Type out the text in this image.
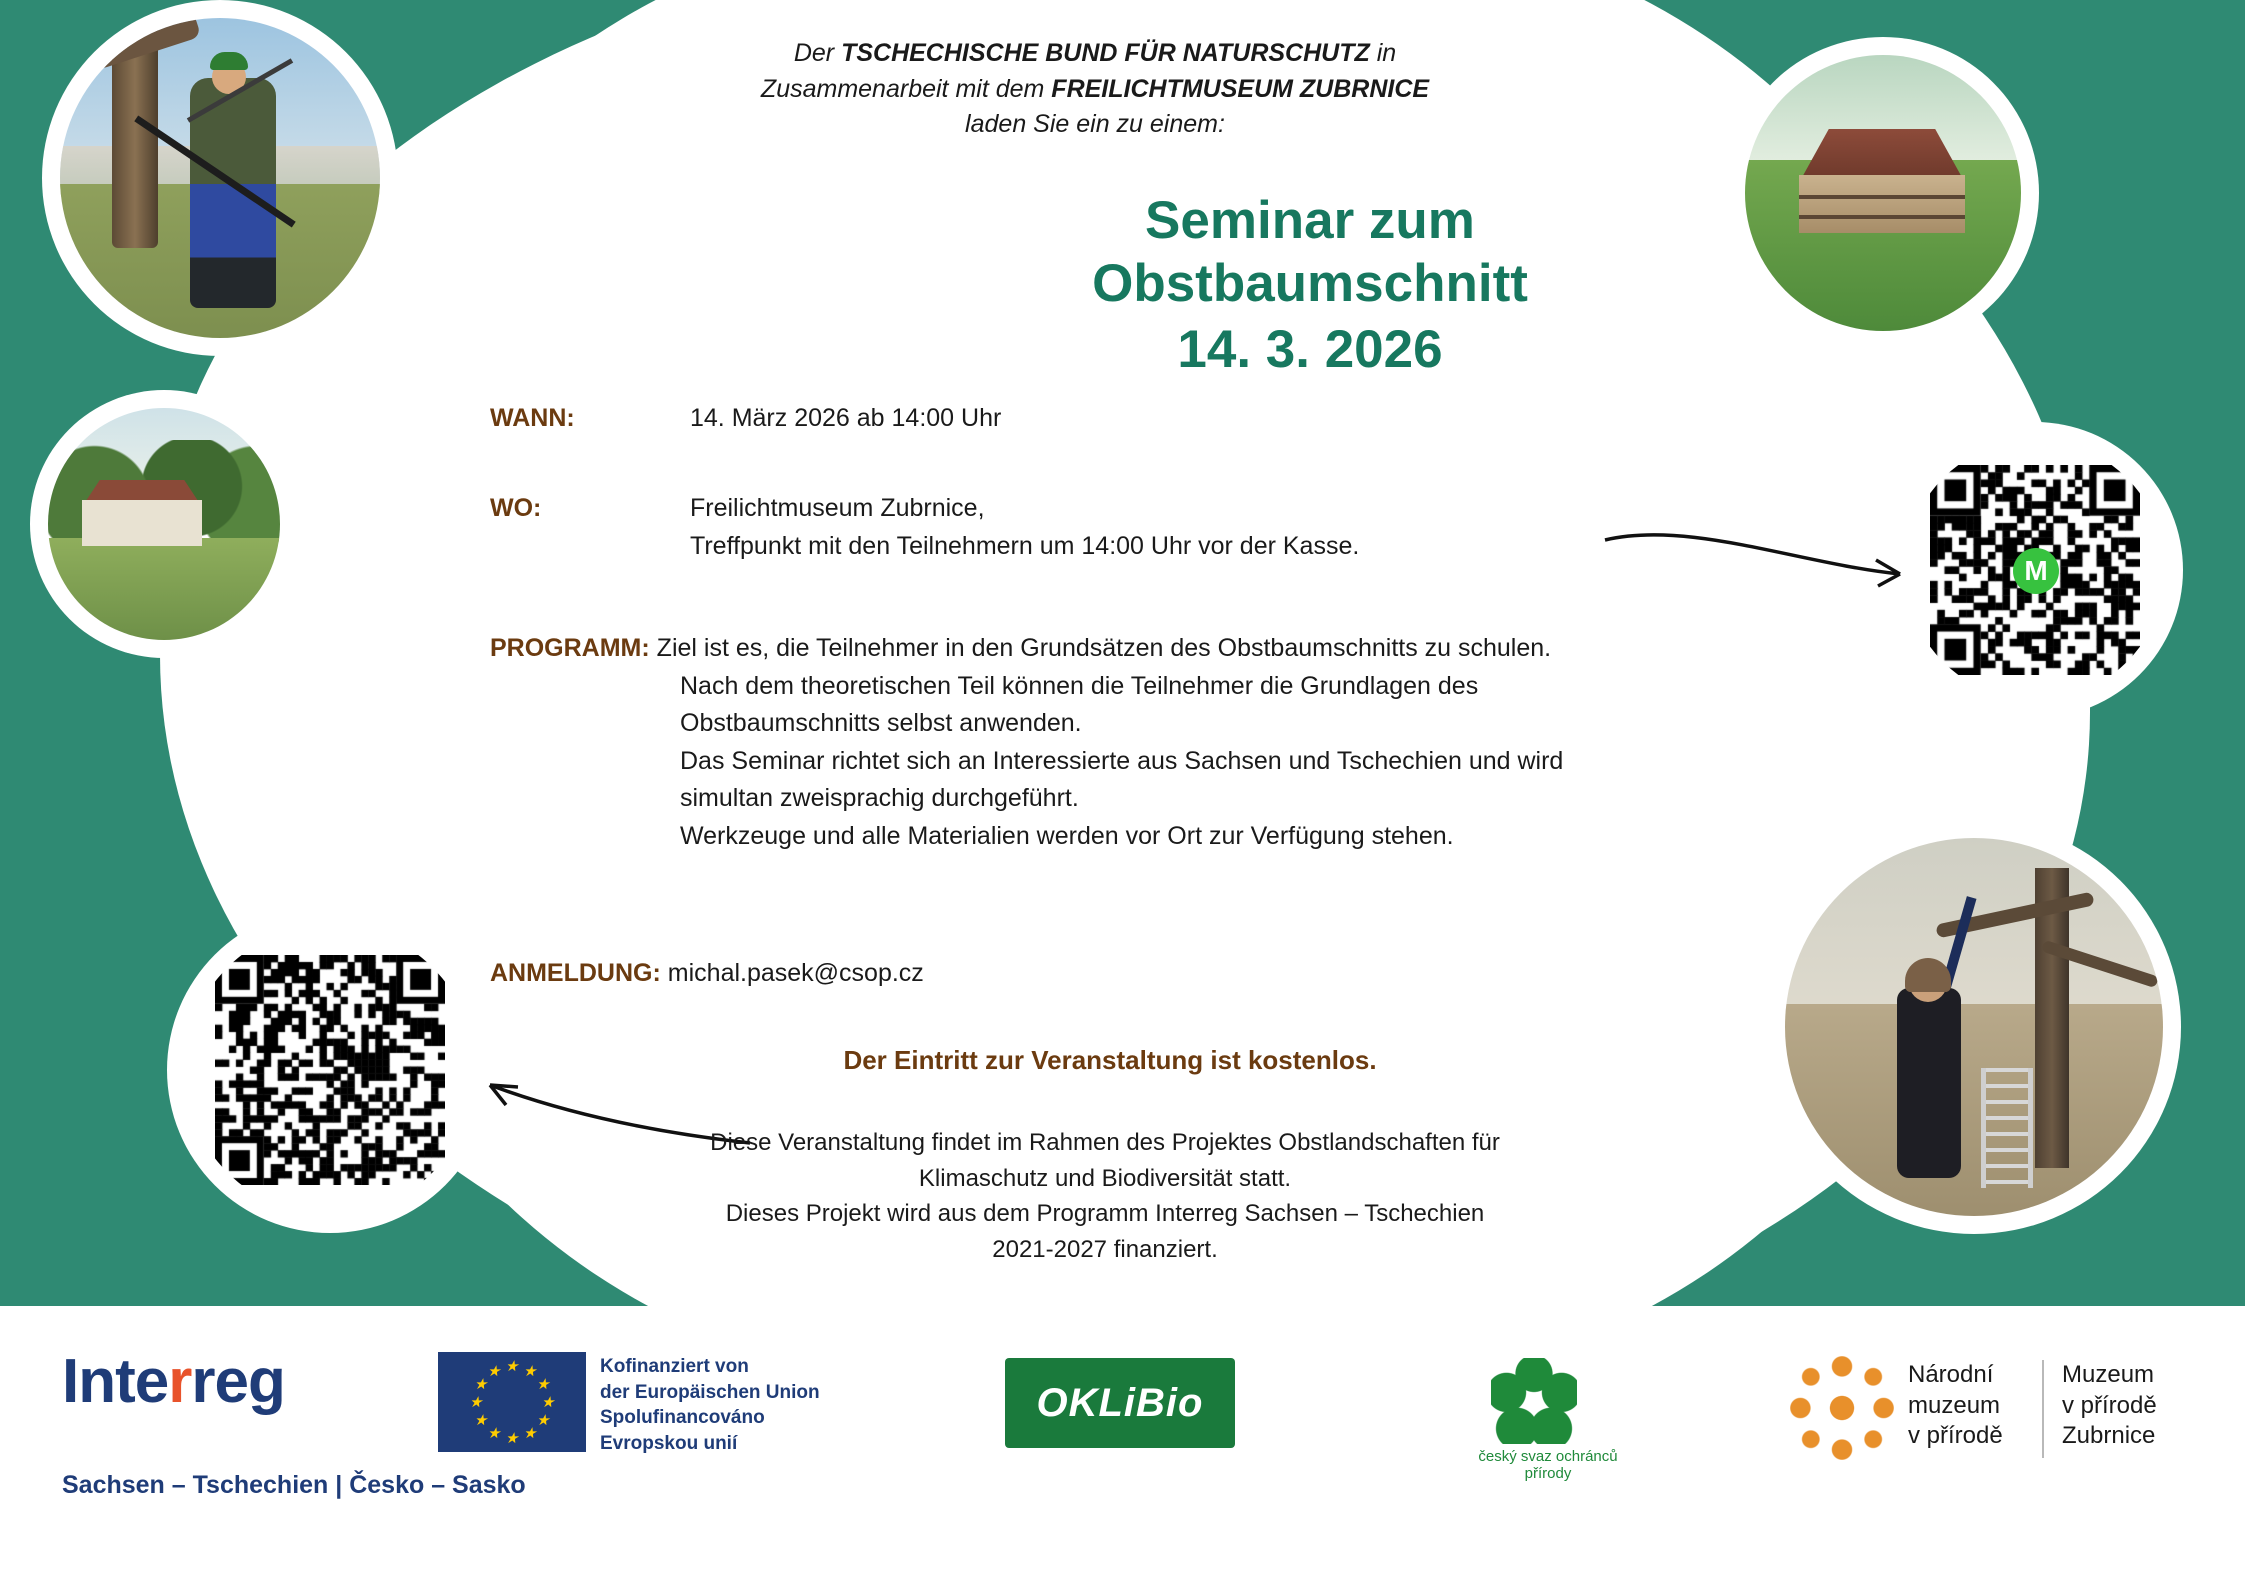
M
Der TSCHECHISCHE BUND FÜR NATURSCHUTZ in
Zusammenarbeit mit dem FREILICHTMUSEUM ZUBRNICE
laden Sie ein zu einem:
Seminar zum
Obstbaumschnitt
14. 3. 2026
WANN:	14. März 2026 ab 14:00 Uhr
WO:	Freilichtmuseum Zubrnice,
Treffpunkt mit den Teilnehmern um 14:00 Uhr vor der Kasse.
PROGRAMM: Ziel ist es, die Teilnehmer in den Grundsätzen des Obstbaumschnitts zu schulen.
Nach dem theoretischen Teil können die Teilnehmer die Grundlagen des
Obstbaumschnitts selbst anwenden.
Das Seminar richtet sich an Interessierte aus Sachsen und Tschechien und wird
simultan zweisprachig durchgeführt.
Werkzeuge und alle Materialien werden vor Ort zur Verfügung stehen.
ANMELDUNG: michal.pasek@csop.cz
Der Eintritt zur Veranstaltung ist kostenlos.
Diese Veranstaltung findet im Rahmen des Projektes Obstlandschaften für
Klimaschutz und Biodiversität statt.
Dieses Projekt wird aus dem Programm Interreg Sachsen – Tschechien
2021-2027 finanziert.
Interreg
Sachsen – Tschechien | Česko – Sasko
★ ★
★
★
★
★
★
★
★
★
★
★	Kofinanziert von
der Europäischen Union
Spolufinancováno
Evropskou unií
OKLiBio
český svaz ochránců přírody
Národní
muzeum
v přírodě
Muzeum
v přírodě
Zubrnice
